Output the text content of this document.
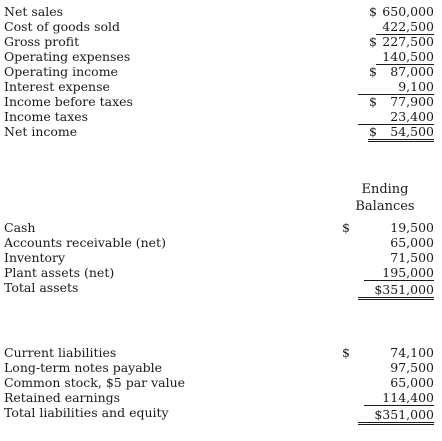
Net sales
Cost of goods sold
Gross profit
Operating expenses
Operating income
Interest expense
Income before taxes
Income taxes
Net income
$ 650,000
422,500
$ 227,500
140,500
$ 87,000
9,100
$ 77,900
23,400
$ 54,500
Ending
Balances
Cash
Accounts receivable (net)
Inventory
Plant assets (net)
Total assets
$	19,500
65,000
71,500
195,000
$351,000
Current liabilities
Long-term notes payable
Common stock, $5 par value
Retained earnings
Total liabilities and equity
$	74,100
97,500
65,000
114,400
$351,000
